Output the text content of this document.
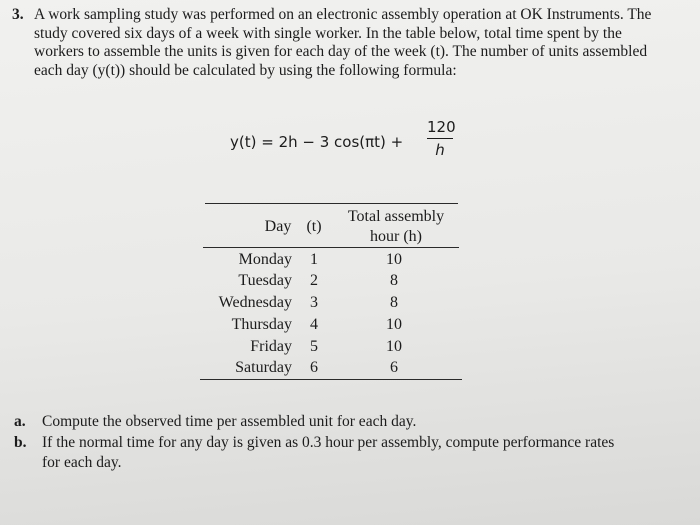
3. A work sampling study was performed on an electronic assembly operation at OK Instruments. The
study covered six days of a week with single worker. In the table below, total time spent by the
workers to assemble the units is given for each day of the week (t). The number of units assembled
each day (y(t)) should be calculated by using the following formula:
y(t) = 2h − 3 cos(πt) +
120
h
Day (t)
Total assembly
hour (h)
Monday	1	10
Tuesday	2	8
Wednesday	3	8
Thursday	4	10
Friday	5	10
Saturday	6	6
a. Compute the observed time per assembled unit for each day.
b. If the normal time for any day is given as 0.3 hour per assembly, compute performance rates
for each day.
